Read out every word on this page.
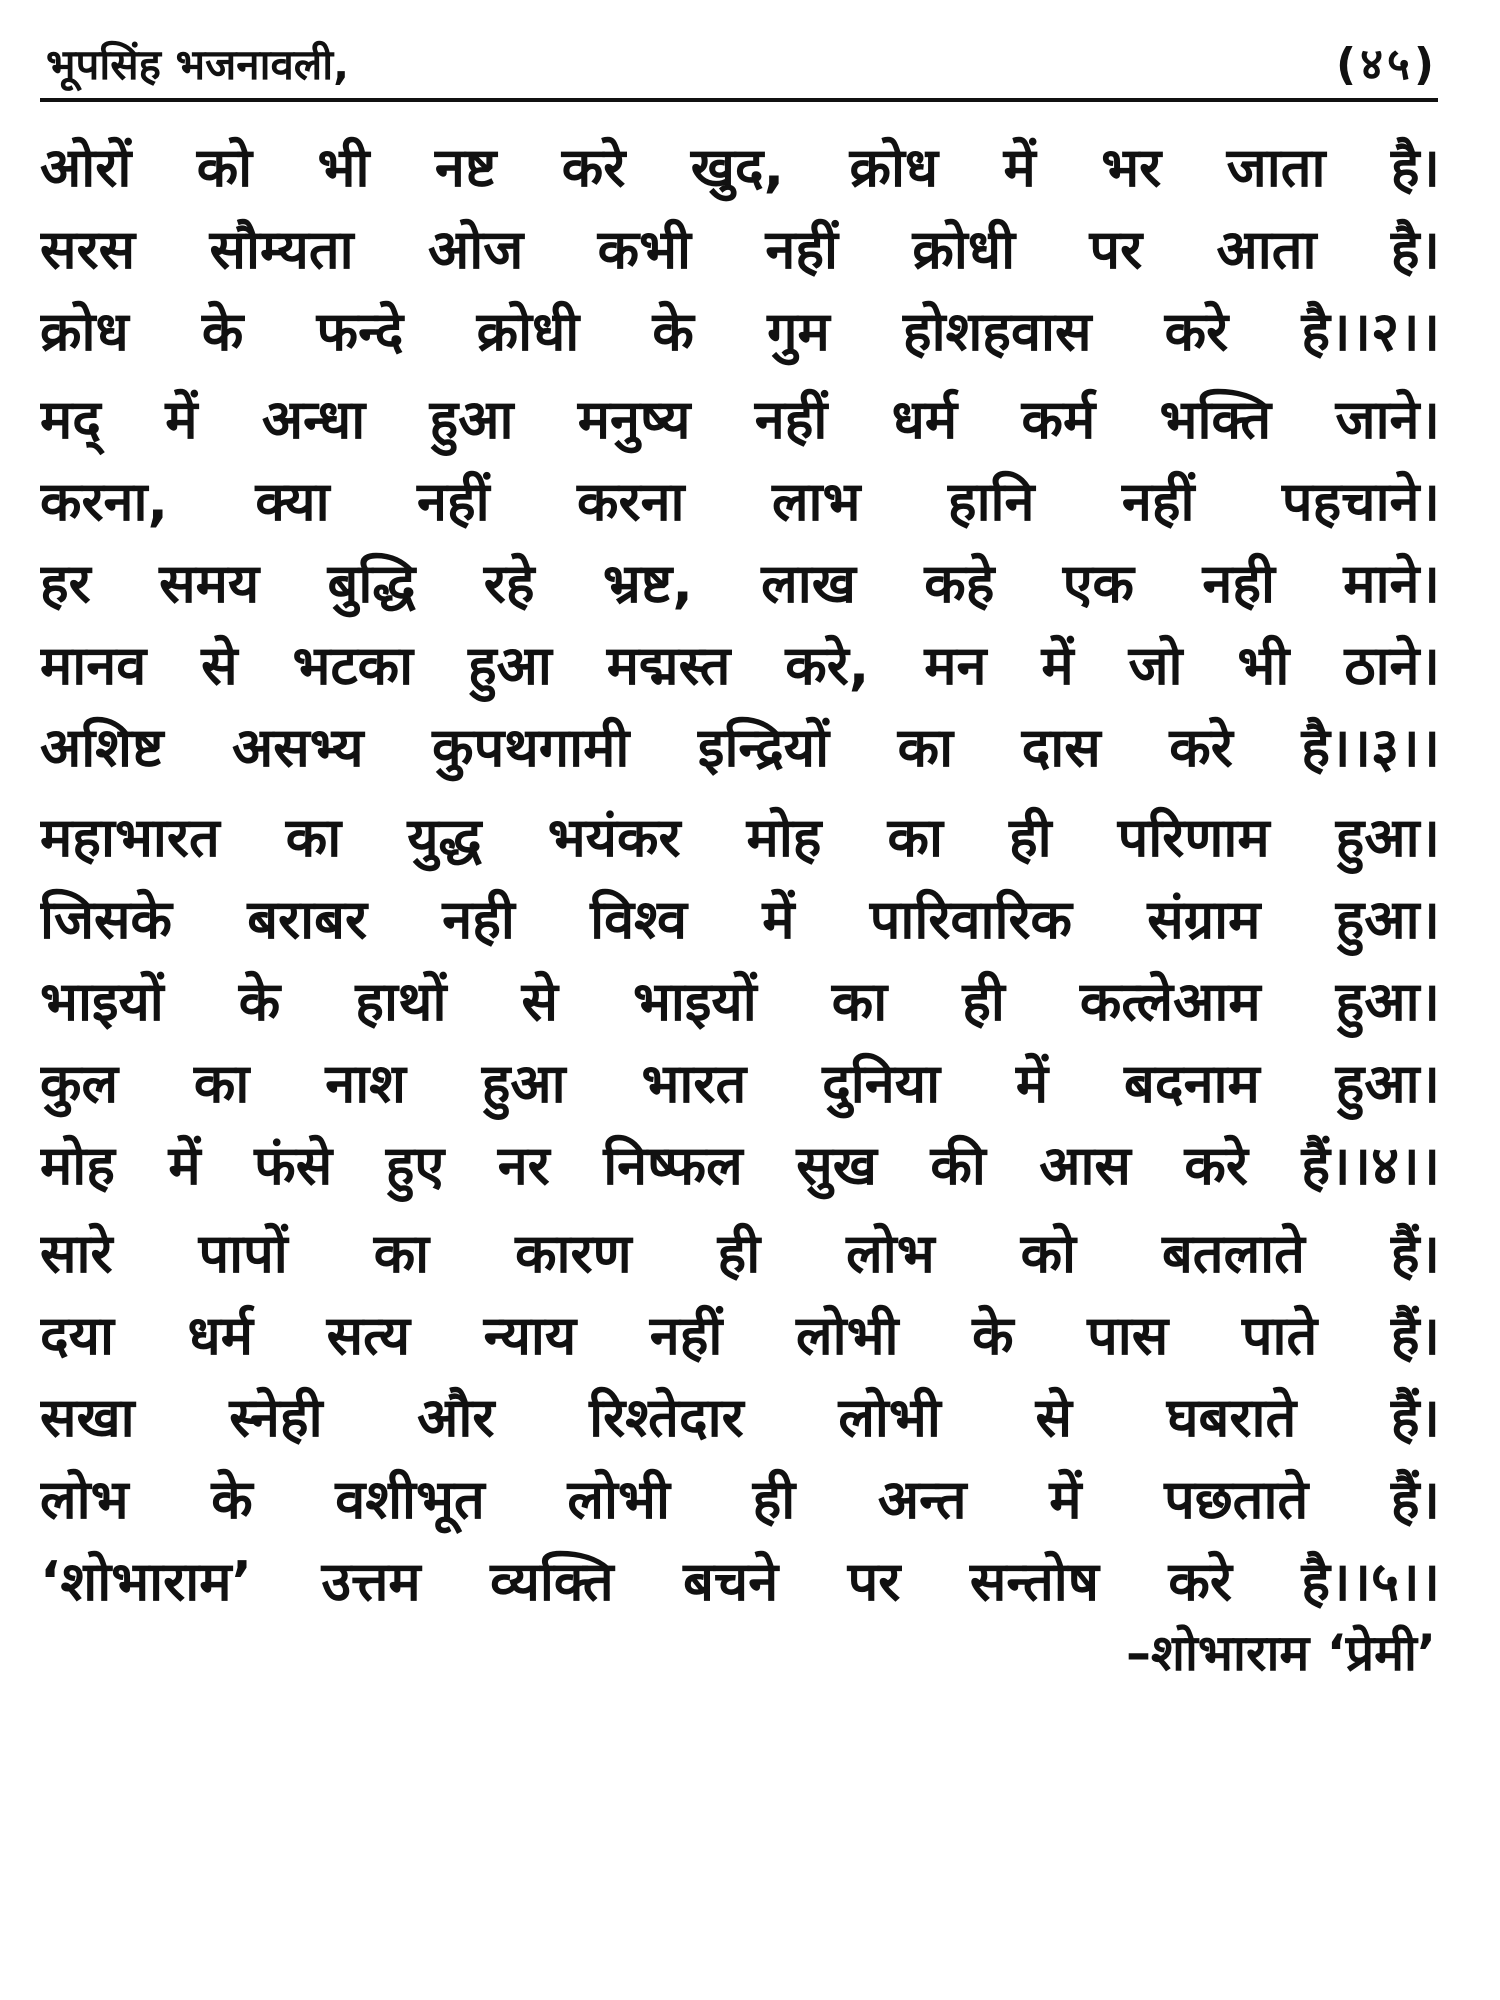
भूपसिंह भजनावली,	(४५)
ओरों को भी नष्ट करे खुद, क्रोध में भर जाता है।
सरस सौम्यता ओज कभी नहीं क्रोधी पर आता है।
क्रोध के फन्दे क्रोधी के गुम होशहवास करे है।।२।।
मद् में अन्धा हुआ मनुष्य नहीं धर्म कर्म भक्ति जाने।
करना, क्या नहीं करना लाभ हानि नहीं पहचाने।
हर समय बुद्धि रहे भ्रष्ट, लाख कहे एक नही माने।
मानव से भटका हुआ मद्मस्त करे, मन में जो भी ठाने।
अशिष्ट असभ्य कुपथगामी इन्द्रियों का दास करे है।।३।।
महाभारत का युद्ध भयंकर मोह का ही परिणाम हुआ।
जिसके बराबर नही विश्व में पारिवारिक संग्राम हुआ।
भाइयों के हाथों से भाइयों का ही कत्लेआम हुआ।
कुल का नाश हुआ भारत दुनिया में बदनाम हुआ।
मोह में फंसे हुए नर निष्फल सुख की आस करे हैं।।४।।
सारे पापों का कारण ही लोभ को बतलाते हैं।
दया धर्म सत्य न्याय नहीं लोभी के पास पाते हैं।
सखा स्नेही और रिश्तेदार लोभी से घबराते हैं।
लोभ के वशीभूत लोभी ही अन्त में पछताते हैं।
‘शोभाराम’ उत्तम व्यक्ति बचने पर सन्तोष करे है।।५।।
–शोभाराम ‘प्रेमी’
